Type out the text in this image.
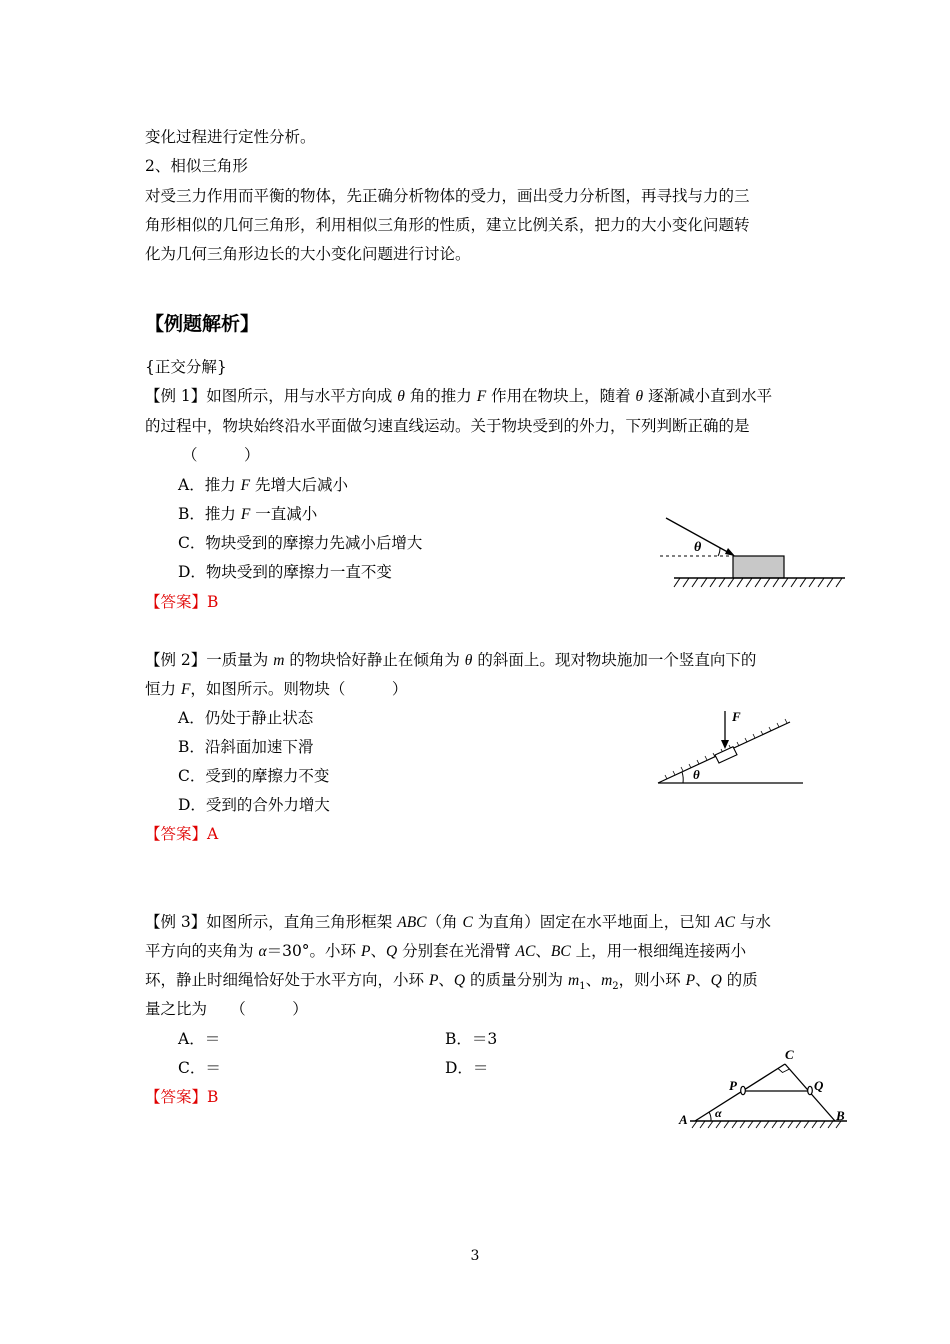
变化过程进行定性分析。
2、相似三角形
对受三力作用而平衡的物体，先正确分析物体的受力，画出受力分析图，再寻找与力的三
角形相似的几何三角形，利用相似三角形的性质，建立比例关系，把力的大小变化问题转
化为几何三角形边长的大小变化问题进行讨论。
【例题解析】
{正交分解}
【例 1】如图所示，用与水平方向成 θ 角的推力 F 作用在物块上，随着 θ 逐渐减小直到水平
的过程中，物块始终沿水平面做匀速直线运动。关于物块受到的外力，下列判断正确的是
（　　　）
A．推力 F 先增大后减小
B．推力 F 一直减小
C．物块受到的摩擦力先减小后增大
D．物块受到的摩擦力一直不变
【答案】B
θ
【例 2】一质量为 m 的物块恰好静止在倾角为 θ 的斜面上。现对物块施加一个竖直向下的
恒力 F，如图所示。则物块（　　　）
A．仍处于静止状态
B．沿斜面加速下滑
C．受到的摩擦力不变
D．受到的合外力增大
【答案】A
F
θ
【例 3】如图所示，直角三角形框架 ABC（角 C 为直角）固定在水平地面上，已知 AC 与水
平方向的夹角为 α＝30°。小环 P、Q 分别套在光滑臂 AC、BC 上，用一根细绳连接两小
环，静止时细绳恰好处于水平方向，小环 P、Q 的质量分别为 $m_1$、$m_2$，则小环 P、Q 的质
量之比为　　（　　　）
A．＝	B．＝3
C．＝	D．＝
【答案】B
α
A	B
C
P	Q
3
